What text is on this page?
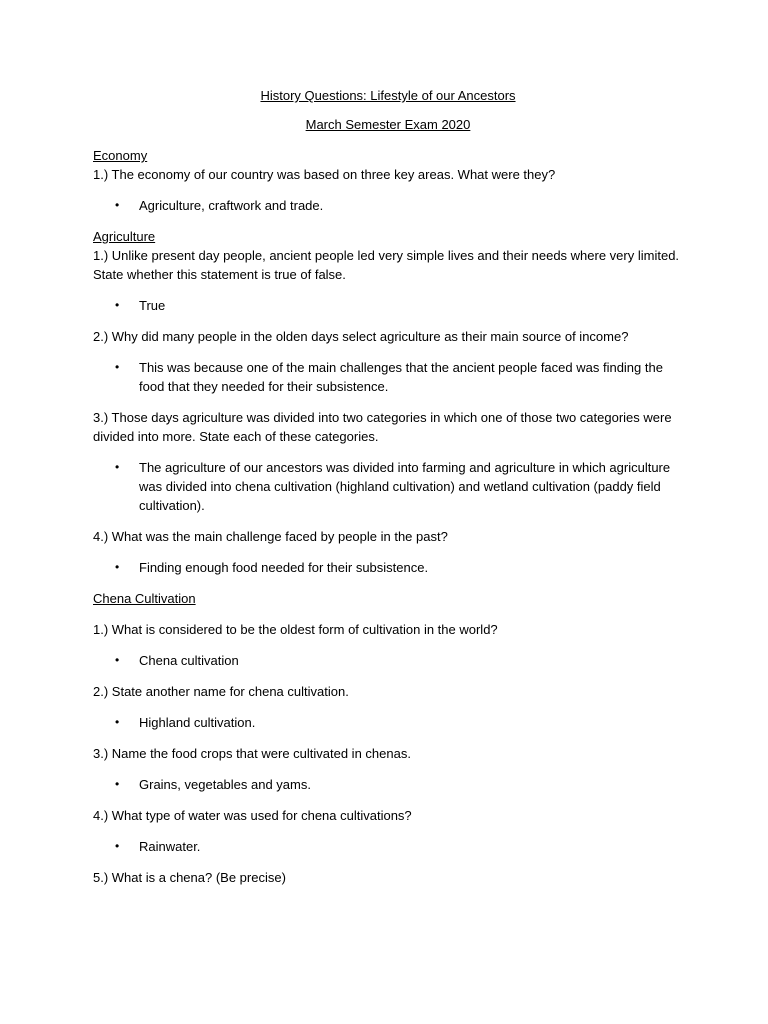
History Questions: Lifestyle of our Ancestors

March Semester Exam 2020

Economy

1.) The economy of our country was based on three key areas. What were they?

• Agriculture, craftwork and trade.

Agriculture

1.) Unlike present day people, ancient people led very simple lives and their needs where very limited. State whether this statement is true of false.

• True

2.) Why did many people in the olden days select agriculture as their main source of income?

• This was because one of the main challenges that the ancient people faced was finding the food that they needed for their subsistence.

3.) Those days agriculture was divided into two categories in which one of those two categories were divided into more. State each of these categories.

• The agriculture of our ancestors was divided into farming and agriculture in which agriculture was divided into chena cultivation (highland cultivation) and wetland cultivation (paddy field cultivation).

4.) What was the main challenge faced by people in the past?

• Finding enough food needed for their subsistence.

Chena Cultivation

1.) What is considered to be the oldest form of cultivation in the world?

• Chena cultivation

2.) State another name for chena cultivation.

• Highland cultivation.

3.) Name the food crops that were cultivated in chenas.

• Grains, vegetables and yams.

4.) What type of water was used for chena cultivations?

• Rainwater.

5.) What is a chena? (Be precise)
